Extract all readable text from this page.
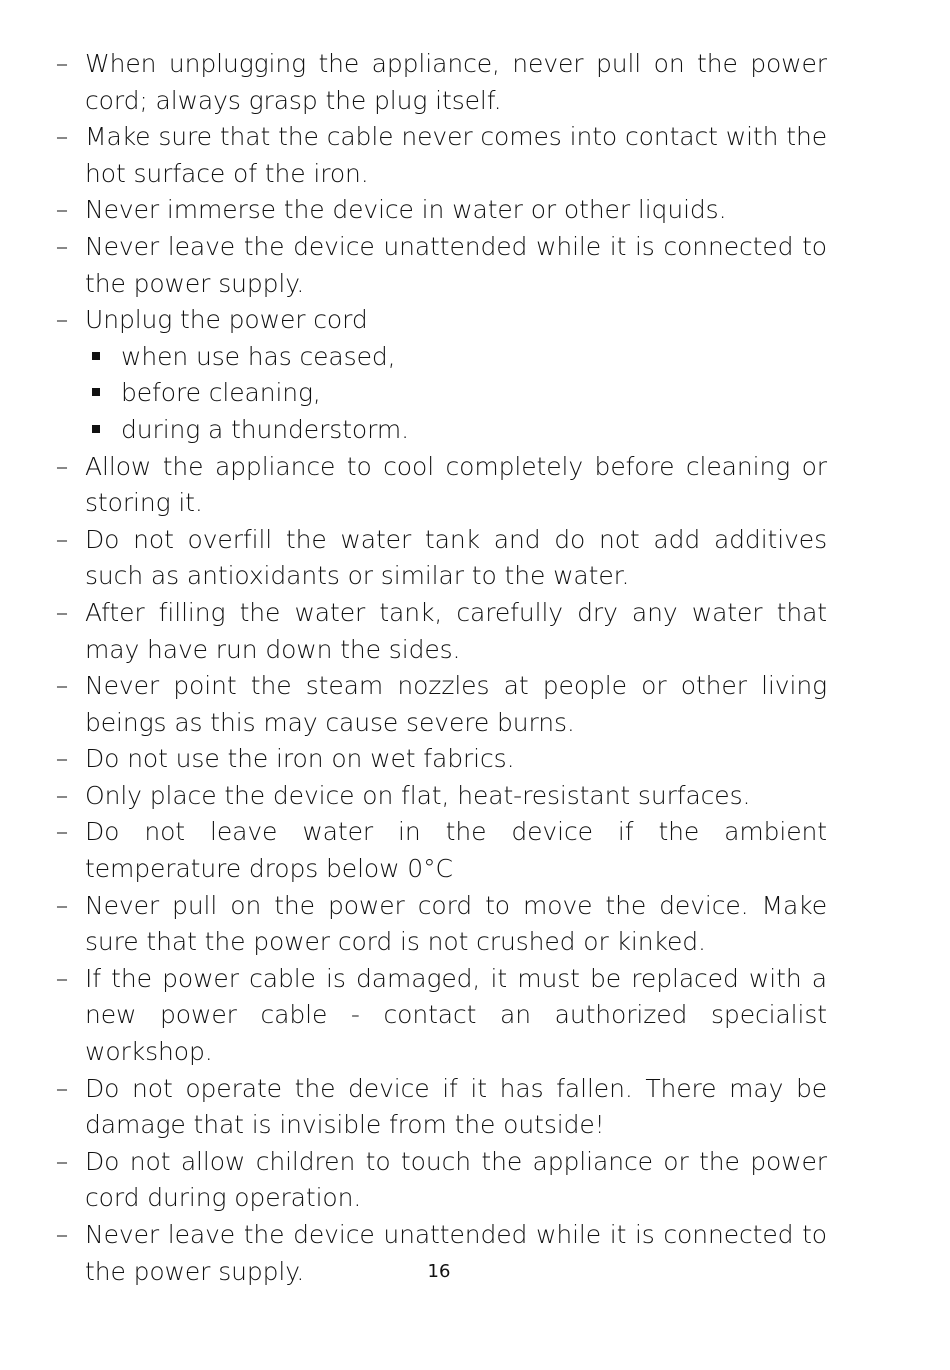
– When unplugging the appliance, never pull on the power cord; always grasp the plug itself.
– Make sure that the cable never comes into contact with the hot surface of the iron.
– Never immerse the device in water or other liquids.
– Never leave the device unattended while it is connected to the power supply.
– Unplug the power cord
when use has ceased,
before cleaning,
during a thunderstorm.
– Allow the appliance to cool completely before cleaning or storing it.
– Do not overfill the water tank and do not add additives such as antioxidants or similar to the water.
– After filling the water tank, carefully dry any water that may have run down the sides.
– Never point the steam nozzles at people or other living beings as this may cause severe burns.
– Do not use the iron on wet fabrics.
– Only place the device on flat, heat-resistant surfaces.
– Do not leave water in the device if the ambient temperature drops below 0°C
– Never pull on the power cord to move the device. Make sure that the power cord is not crushed or kinked.
– If the power cable is damaged, it must be replaced with a new power cable - contact an authorized specialist workshop.
– Do not operate the device if it has fallen. There may be damage that is invisible from the outside!
– Do not allow children to touch the appliance or the power cord during operation.
– Never leave the device unattended while it is connected to the power supply.	16
